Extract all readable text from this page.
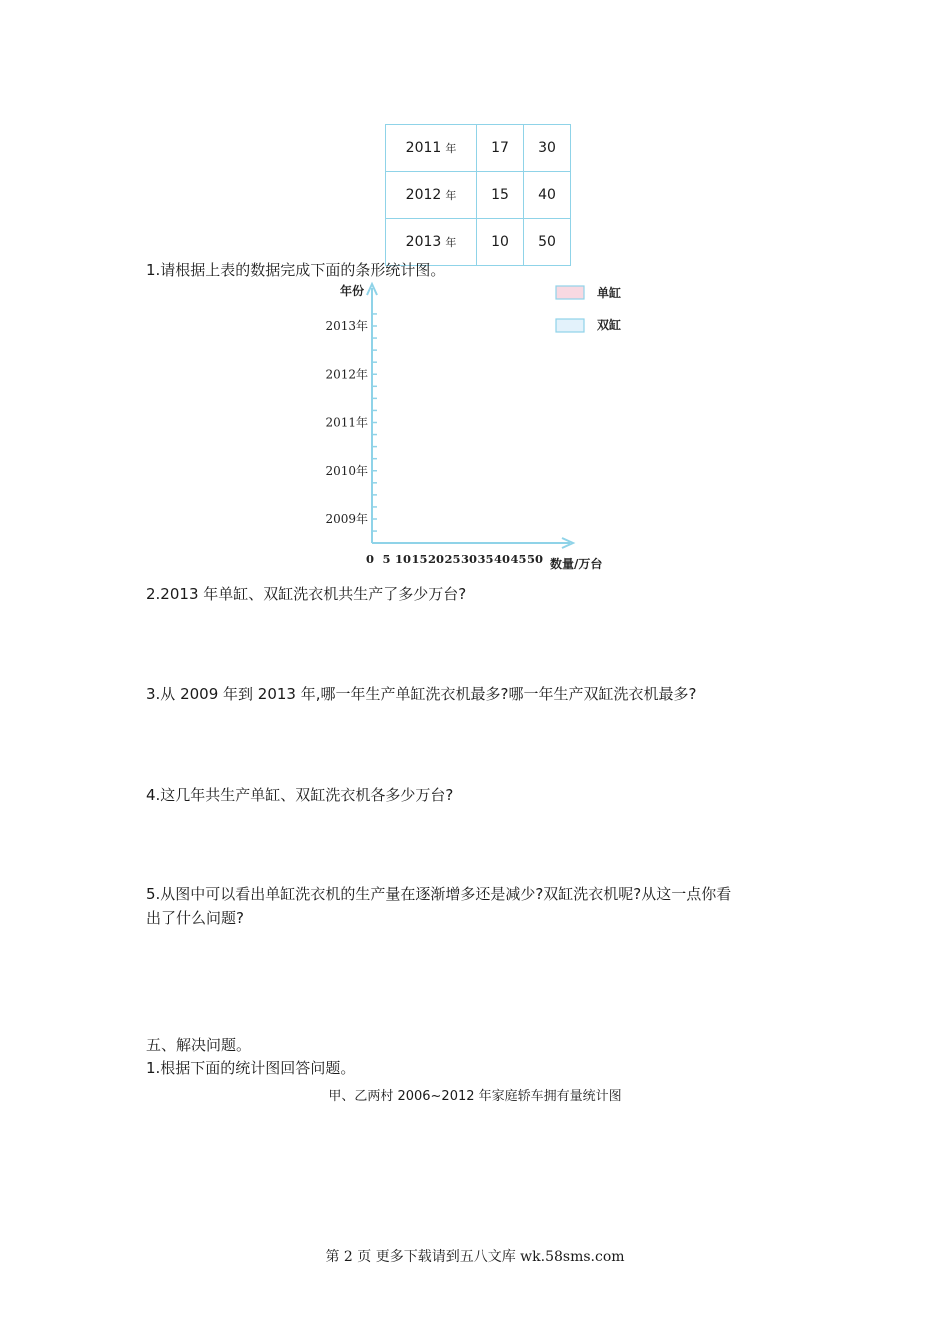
2011 年	17	30
2012 年	15	40
2013 年	10	50
1.请根据上表的数据完成下面的条形统计图。
2009年
2010年
2011年
2012年
2013年
0 5 10 15 20 25 30 35 40 45 50
年份
数量/万台
单缸
双缸
2.2013 年单缸、双缸洗衣机共生产了多少万台?
3.从 2009 年到 2013 年,哪一年生产单缸洗衣机最多?哪一年生产双缸洗衣机最多?
4.这几年共生产单缸、双缸洗衣机各多少万台?
5.从图中可以看出单缸洗衣机的生产量在逐渐增多还是减少?双缸洗衣机呢?从这一点你看
出了什么问题?
五、解决问题。
1.根据下面的统计图回答问题。
甲、乙两村 2006~2012 年家庭轿车拥有量统计图
第 2 页 更多下载请到五八文库 wk.58sms.com
